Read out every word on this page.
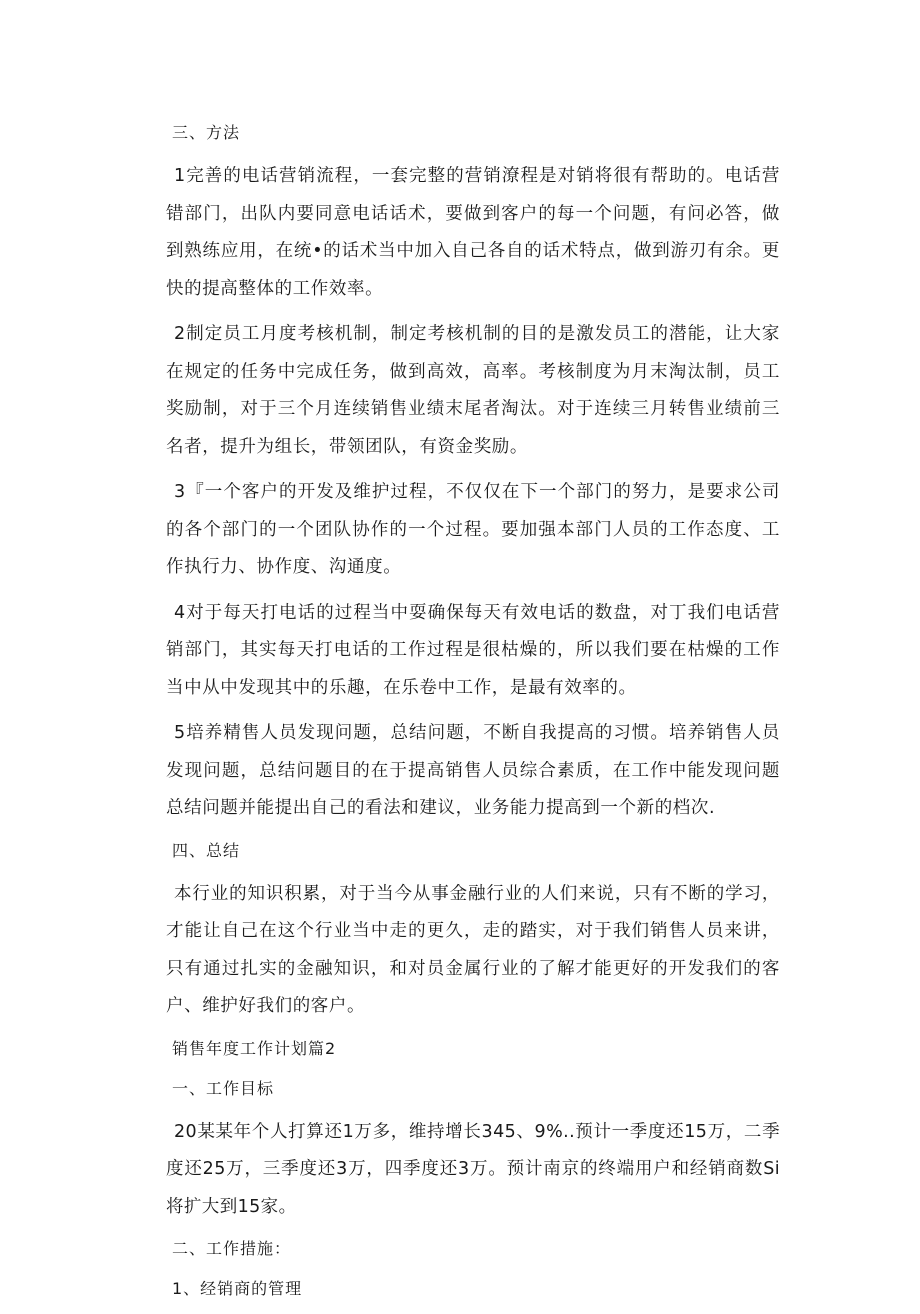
三、方法

1完善的电话营销流程，一套完整的营销潦程是对销将很有帮助的。电话营错部门，出队内要同意电话话术，要做到客户的每一个问题，有问必答，做到熟练应用，在统•的话术当中加入自己各自的话术特点，做到游刃有余。更快的提高整体的工作效率。

2制定员工月度考核机制，制定考核机制的目的是激发员工的潜能，让大家在规定的任务中完成任务，做到高效，高率。考核制度为月末淘汰制，员工奖励制，对于三个月连续销售业绩末尾者淘汰。对于连续三月转售业绩前三名者，提升为组长，带领团队，有资金奖励。

3『一个客户的开发及维护过程，不仅仅在下一个部门的努力，是要求公司的各个部门的一个团队协作的一个过程。要加强本部门人员的工作态度、工作执行力、协作度、沟通度。

4对于每天打电话的过程当中耍确保每天有效电话的数盘，对丁我们电话营销部门，其实每天打电话的工作过程是很枯燥的，所以我们要在枯燥的工作当中从中发现其中的乐趣，在乐卷中工作，是最有效率的。

5培养精售人员发现问题，总结问题，不断自我提高的习惯。培养销售人员发现问题，总结问题目的在于提高销售人员综合素质，在工作中能发现问题总结问题并能提出自己的看法和建议，业务能力提高到一个新的档次.

四、总结

本行业的知识积累，对于当今从事金融行业的人们来说，只有不断的学习，才能让自己在这个行业当中走的更久，走的踏实，对于我们销售人员来讲，只有通过扎实的金融知识，和对员金属行业的了解才能更好的开发我们的客户、维护好我们的客户。

销售年度工作计划篇2
一、工作目标

20某某年个人打算还1万多，维持增长345、9%..预计一季度还15万，二季度还25万，三季度还3万，四季度还3万。预计南京的终端用户和经销商数Si将扩大到15家。

二、工作措施：
1、经销商的管理
